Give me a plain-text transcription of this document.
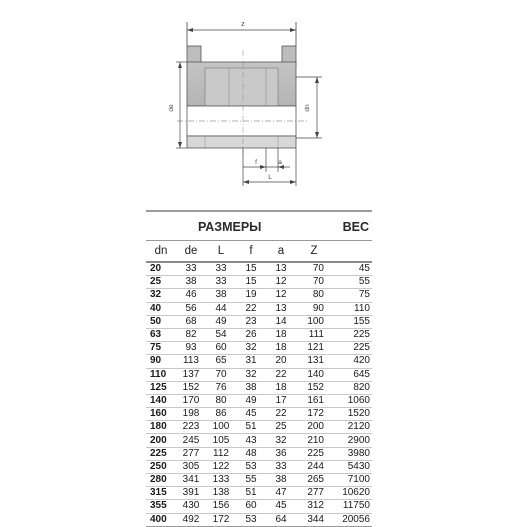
z
de	dn
f	a
L
РАЗМЕРЫ	ВЕС
dn	de	L	f	a	Z	
20	33	33	15	13	70	45
25	38	33	15	12	70	55
32	46	38	19	12	80	75
40	56	44	22	13	90	110
50	68	49	23	14	100	155
63	82	54	26	18	111	225
75	93	60	32	18	121	225
90	113	65	31	20	131	420
110	137	70	32	22	140	645
125	152	76	38	18	152	820
140	170	80	49	17	161	1060
160	198	86	45	22	172	1520
180	223	100	51	25	200	2120
200	245	105	43	32	210	2900
225	277	112	48	36	225	3980
250	305	122	53	33	244	5430
280	341	133	55	38	265	7100
315	391	138	51	47	277	10620
355	430	156	60	45	312	11750
400	492	172	53	64	344	20056
